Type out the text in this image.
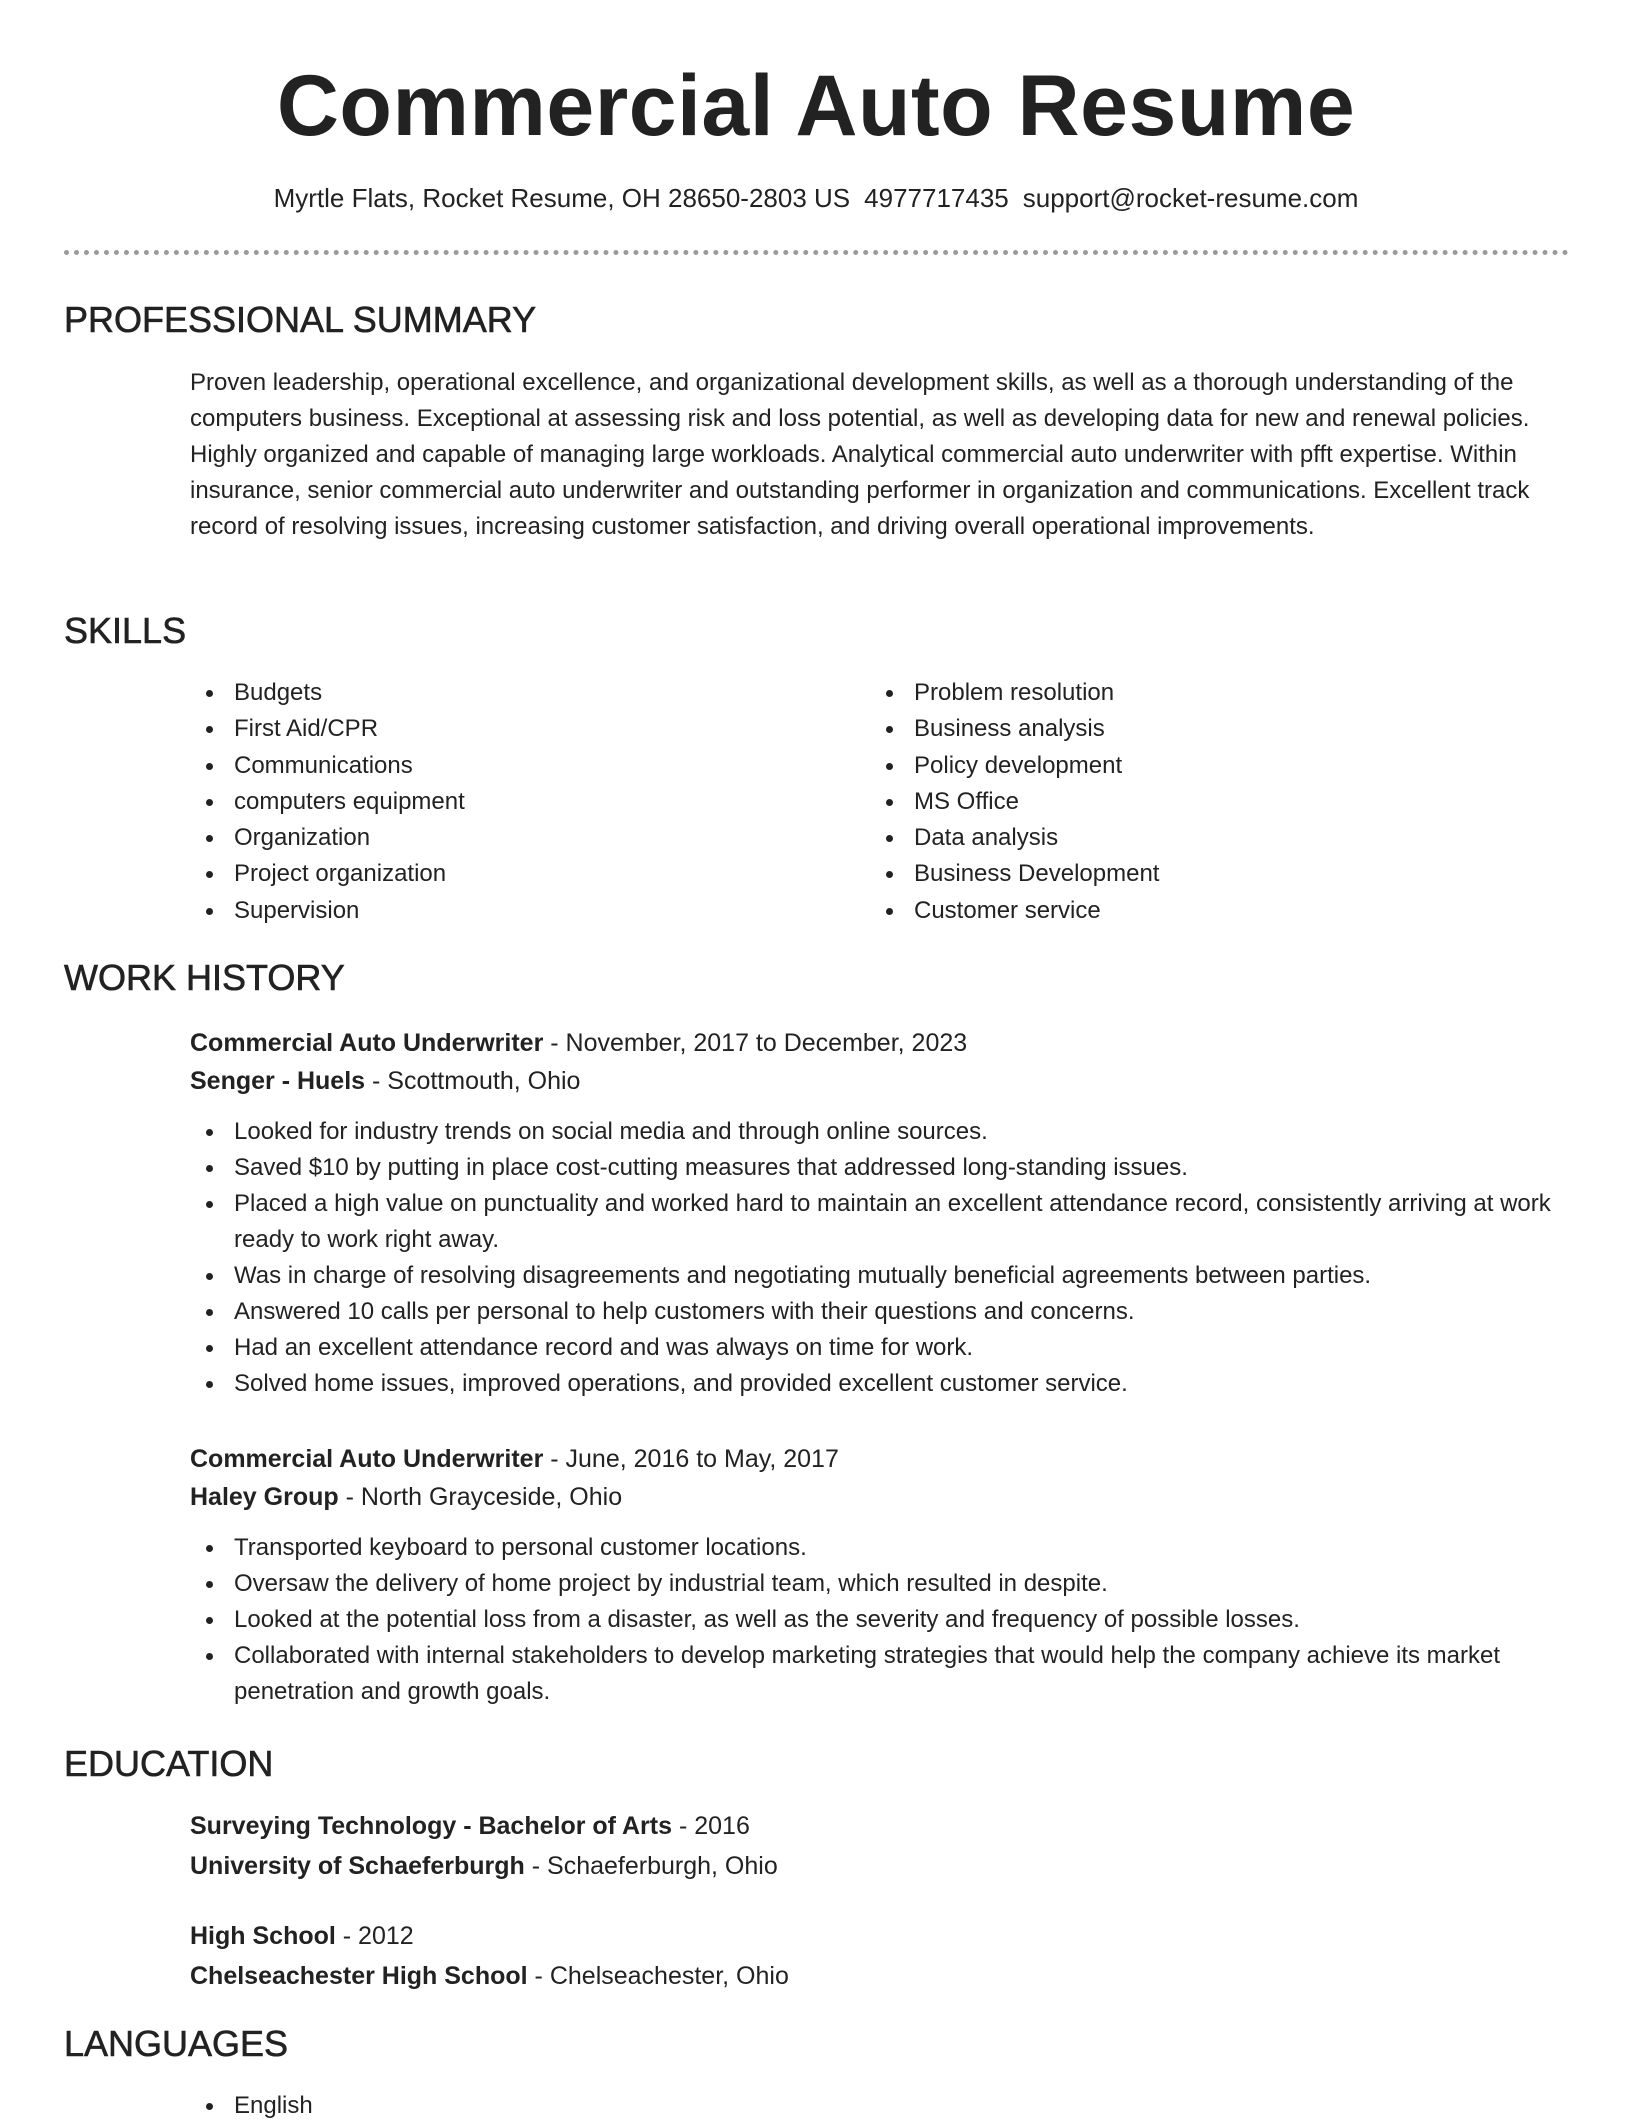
Commercial Auto Resume
Myrtle Flats, Rocket Resume, OH 28650-2803 US 4977717435 support@rocket-resume.com
PROFESSIONAL SUMMARY

Proven leadership, operational excellence, and organizational development skills, as well as a thorough understanding of the computers business. Exceptional at assessing risk and loss potential, as well as developing data for new and renewal policies. Highly organized and capable of managing large workloads. Analytical commercial auto underwriter with pfft expertise. Within insurance, senior commercial auto underwriter and outstanding performer in organization and communications. Excellent track record of resolving issues, increasing customer satisfaction, and driving overall operational improvements.

SKILLS
Budgets
First Aid/CPR
Communications
computers equipment
Organization
Project organization
Supervision
Problem resolution
Business analysis
Policy development
MS Office
Data analysis
Business Development
Customer service
WORK HISTORY
Commercial Auto Underwriter - November, 2017 to December, 2023
Senger - Huels - Scottmouth, Ohio
Looked for industry trends on social media and through online sources.
Saved $10 by putting in place cost-cutting measures that addressed long-standing issues.
Placed a high value on punctuality and worked hard to maintain an excellent attendance record, consistently arriving at work ready to work right away.
Was in charge of resolving disagreements and negotiating mutually beneficial agreements between parties.
Answered 10 calls per personal to help customers with their questions and concerns.
Had an excellent attendance record and was always on time for work.
Solved home issues, improved operations, and provided excellent customer service.
Commercial Auto Underwriter - June, 2016 to May, 2017
Haley Group - North Grayceside, Ohio
Transported keyboard to personal customer locations.
Oversaw the delivery of home project by industrial team, which resulted in despite.
Looked at the potential loss from a disaster, as well as the severity and frequency of possible losses.
Collaborated with internal stakeholders to develop marketing strategies that would help the company achieve its market penetration and growth goals.
EDUCATION
Surveying Technology - Bachelor of Arts - 2016
University of Schaeferburgh - Schaeferburgh, Ohio
High School - 2012
Chelseachester High School - Chelseachester, Ohio
LANGUAGES
English
